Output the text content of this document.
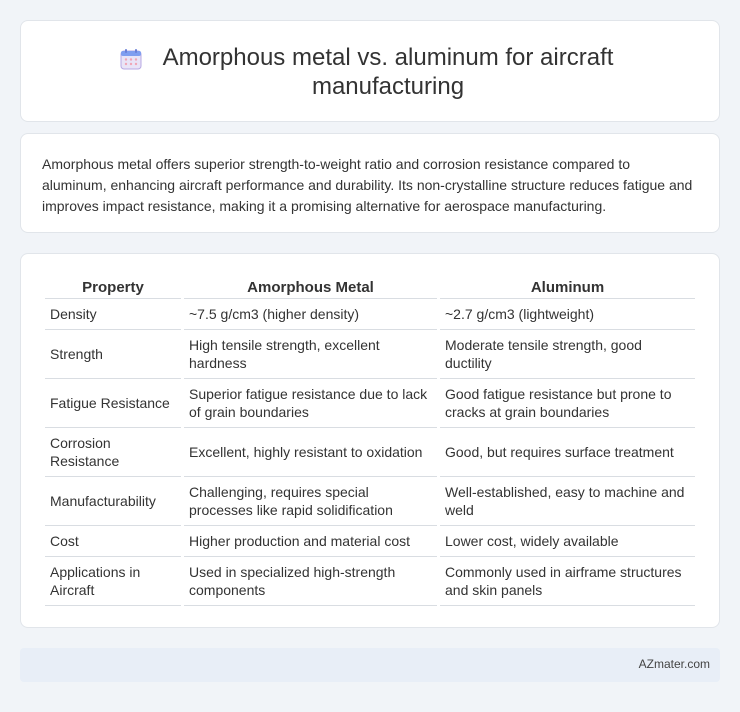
Amorphous metal vs. aluminum for aircraft manufacturing

Amorphous metal offers superior strength-to-weight ratio and corrosion resistance compared to aluminum, enhancing aircraft performance and durability. Its non-crystalline structure reduces fatigue and improves impact resistance, making it a promising alternative for aerospace manufacturing.

Property	Amorphous Metal	Aluminum
Density	~7.5 g/cm3 (higher density)	~2.7 g/cm3 (lightweight)
Strength	High tensile strength, excellent hardness	Moderate tensile strength, good ductility
Fatigue Resistance	Superior fatigue resistance due to lack of grain boundaries	Good fatigue resistance but prone to cracks at grain boundaries
Corrosion Resistance	Excellent, highly resistant to oxidation	Good, but requires surface treatment
Manufacturability	Challenging, requires special processes like rapid solidification	Well-established, easy to machine and weld
Cost	Higher production and material cost	Lower cost, widely available
Applications in Aircraft	Used in specialized high-strength components	Commonly used in airframe structures and skin panels
AZmater.com
